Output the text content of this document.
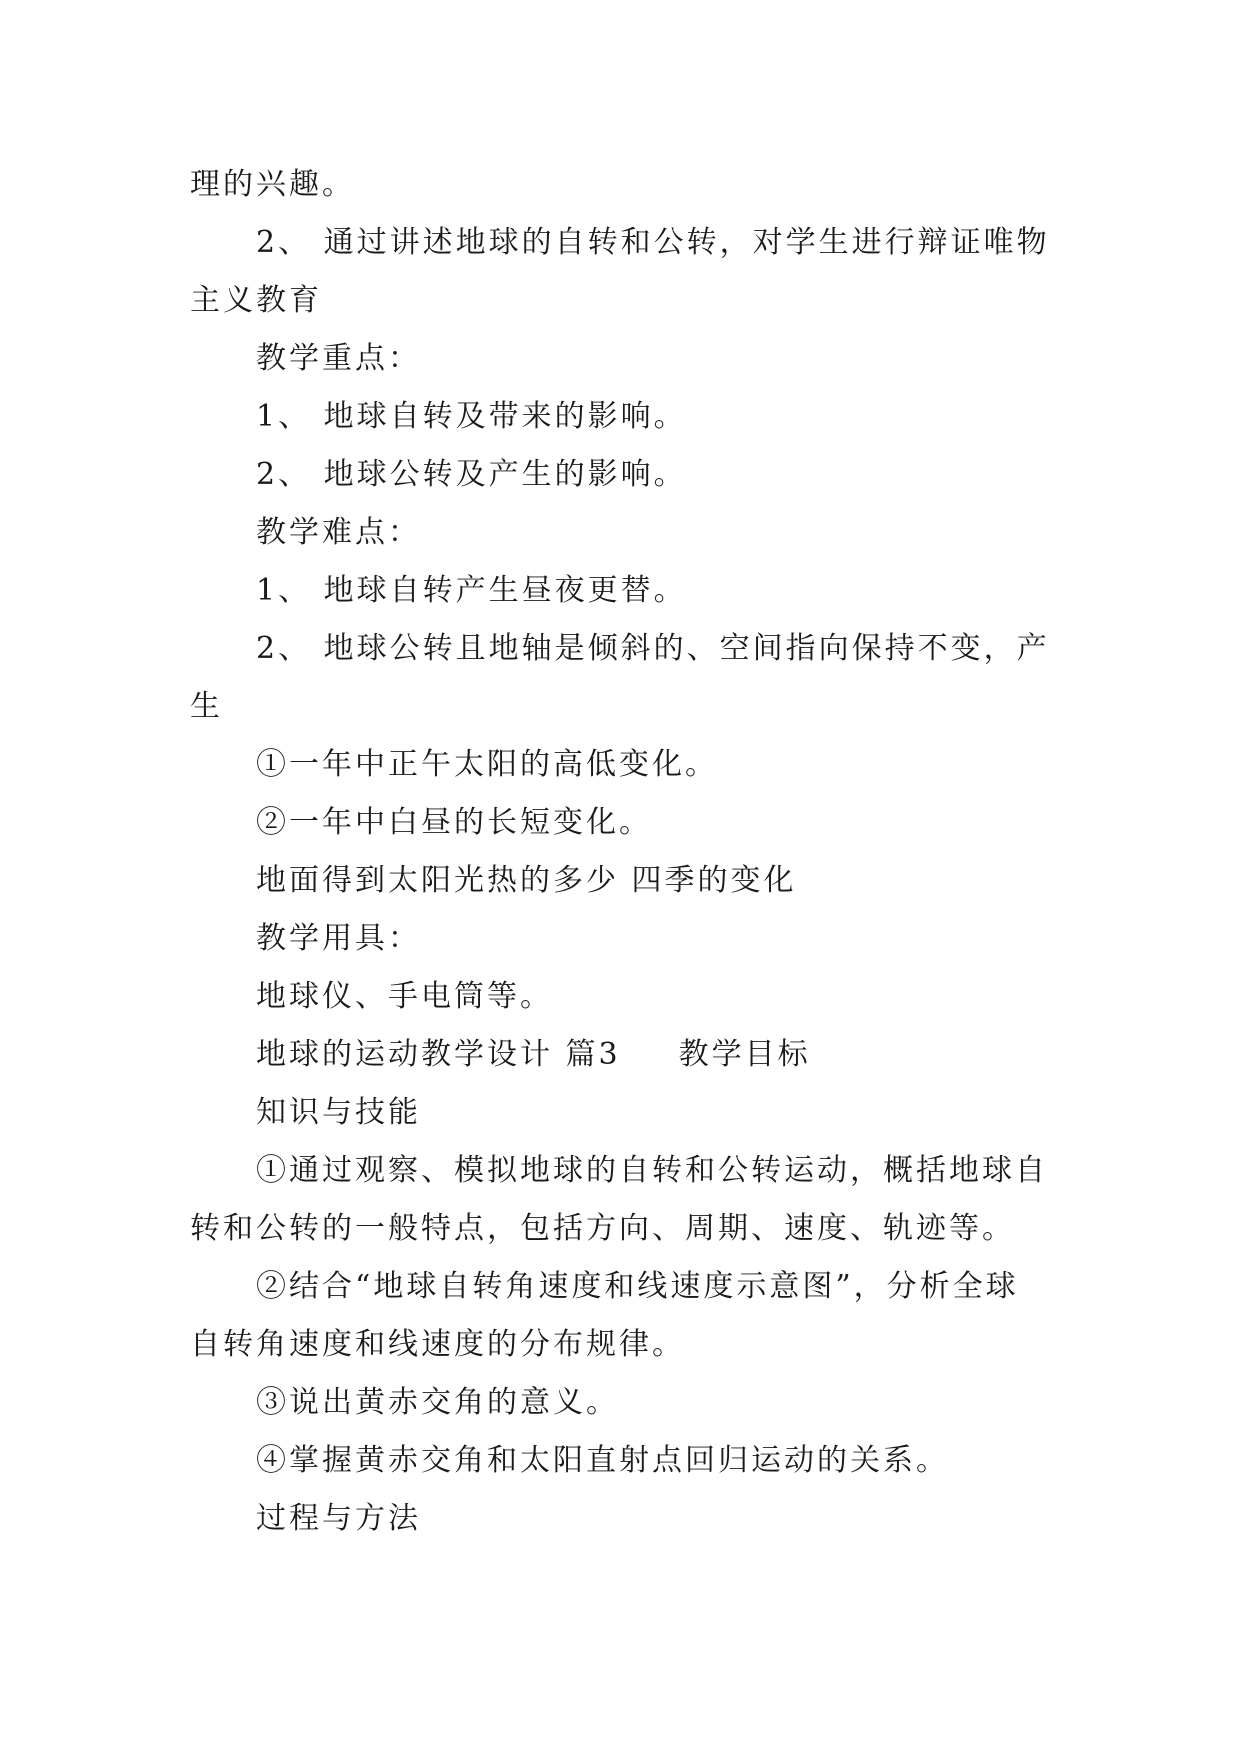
理的兴趣。
2、 通过讲述地球的自转和公转，对学生进行辩证唯物
主义教育
教学重点：
1、 地球自转及带来的影响。
2、 地球公转及产生的影响。
教学难点：
1、 地球自转产生昼夜更替。
2、 地球公转且地轴是倾斜的、空间指向保持不变，产
生
①一年中正午太阳的高低变化。
②一年中白昼的长短变化。
地面得到太阳光热的多少 四季的变化
教学用具：
地球仪、手电筒等。
地球的运动教学设计 篇3 教学目标
知识与技能
①通过观察、模拟地球的自转和公转运动，概括地球自
转和公转的一般特点，包括方向、周期、速度、轨迹等。
②结合“地球自转角速度和线速度示意图”，分析全球
自转角速度和线速度的分布规律。
③说出黄赤交角的意义。
④掌握黄赤交角和太阳直射点回归运动的关系。
过程与方法
